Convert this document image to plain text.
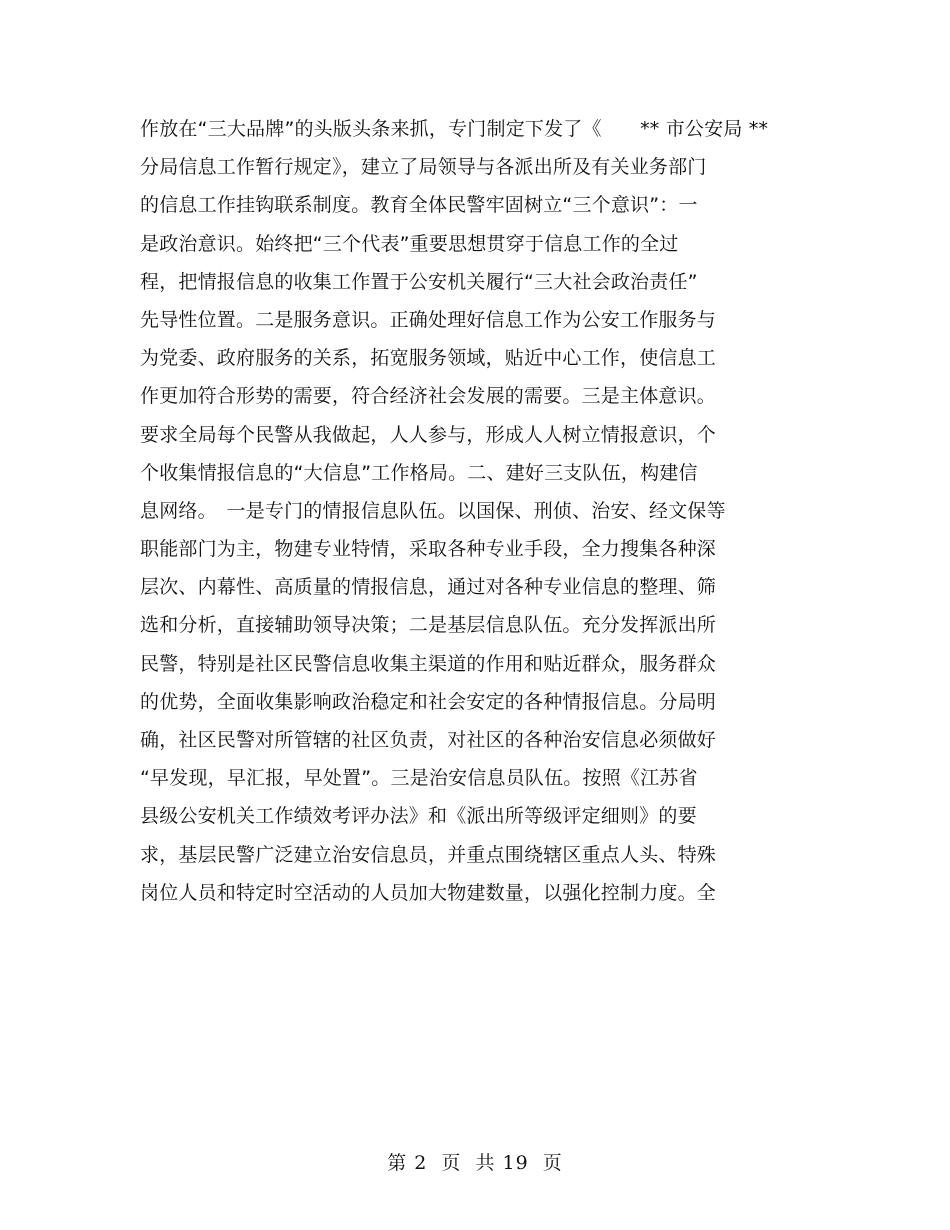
作放在“三大品牌”的头版头条来抓，专门制定下发了《　　** 市公安局 **
分局信息工作暂行规定》，建立了局领导与各派出所及有关业务部门
的信息工作挂钩联系制度。教育全体民警牢固树立“三个意识”：一
是政治意识。始终把“三个代表”重要思想贯穿于信息工作的全过
程，把情报信息的收集工作置于公安机关履行“三大社会政治责任”
先导性位置。二是服务意识。正确处理好信息工作为公安工作服务与
为党委、政府服务的关系，拓宽服务领域，贴近中心工作，使信息工
作更加符合形势的需要，符合经济社会发展的需要。三是主体意识。
要求全局每个民警从我做起，人人参与，形成人人树立情报意识，个
个收集情报信息的“大信息”工作格局。二、建好三支队伍，构建信
息网络。　一是专门的情报信息队伍。以国保、刑侦、治安、经文保等
职能部门为主，物建专业特情，采取各种专业手段，全力搜集各种深
层次、内幕性、高质量的情报信息，通过对各种专业信息的整理、筛
选和分析，直接辅助领导决策；二是基层信息队伍。充分发挥派出所
民警，特别是社区民警信息收集主渠道的作用和贴近群众，服务群众
的优势，全面收集影响政治稳定和社会安定的各种情报信息。分局明
确，社区民警对所管辖的社区负责，对社区的各种治安信息必须做好
“早发现，早汇报，早处置”。三是治安信息员队伍。按照《江苏省
县级公安机关工作绩效考评办法》和《派出所等级评定细则》的要
求，基层民警广泛建立治安信息员，并重点围绕辖区重点人头、特殊
岗位人员和特定时空活动的人员加大物建数量，以强化控制力度。全
第 2  页  共 19  页
